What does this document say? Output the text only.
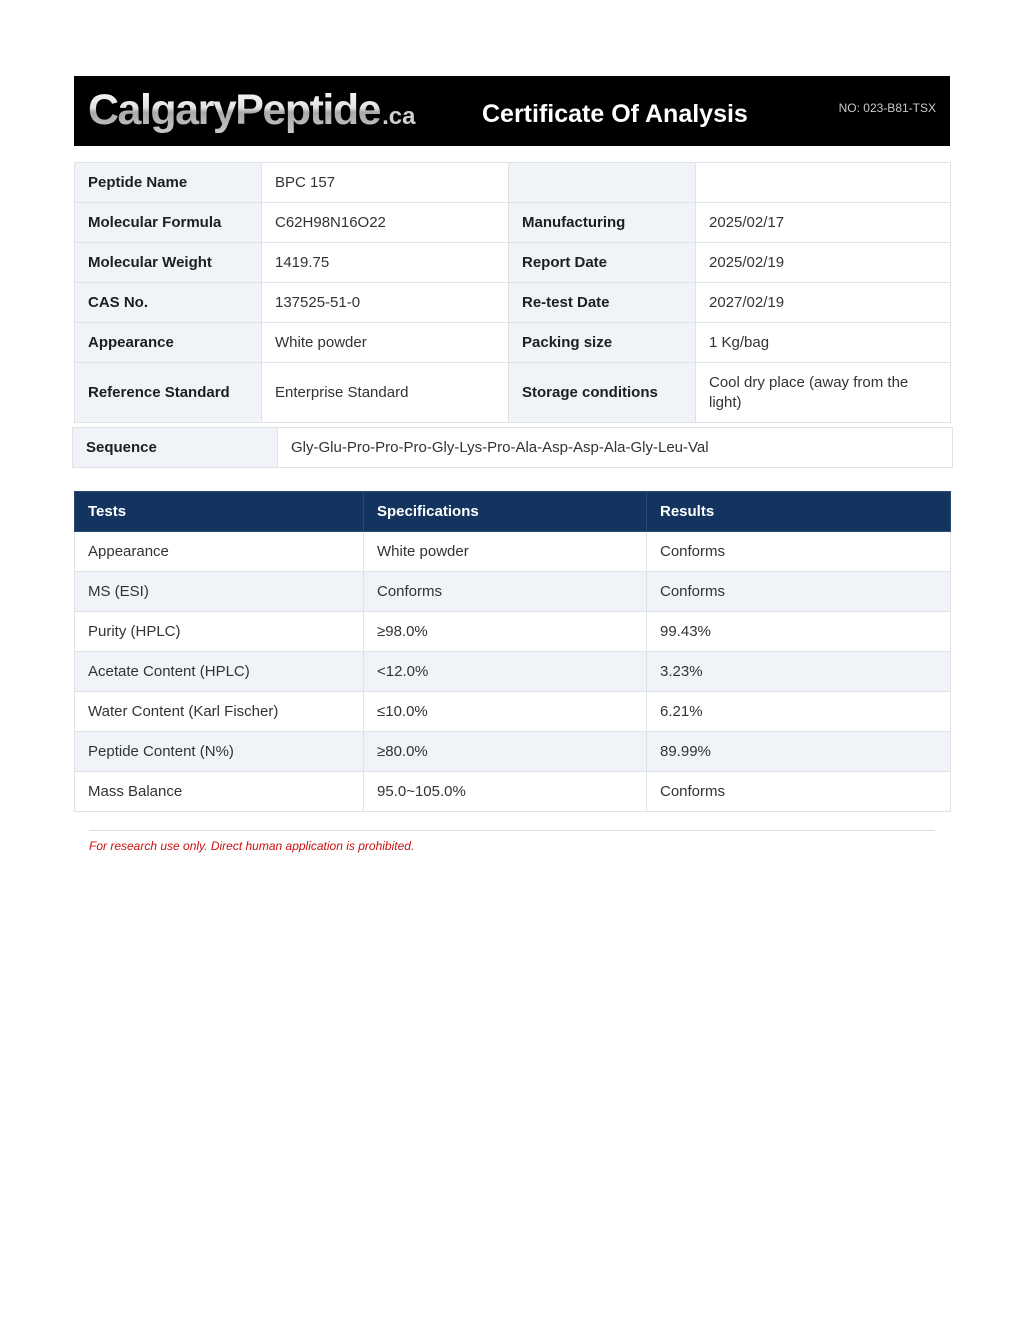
CalgaryPeptide.ca	Certificate Of Analysis	NO: 023-B81-TSX
Peptide Name	BPC 157		
Molecular Formula	C62H98N16O22	Manufacturing	2025/02/17
Molecular Weight	1419.75	Report Date	2025/02/19
CAS No.	137525-51-0	Re-test Date	2027/02/19
Appearance	White powder	Packing size	1 Kg/bag
Reference Standard	Enterprise Standard	Storage conditions	Cool dry place (away from the light)
Sequence	Gly-Glu-Pro-Pro-Pro-Gly-Lys-Pro-Ala-Asp-Asp-Ala-Gly-Leu-Val
Tests	Specifications	Results
Appearance	White powder	Conforms
MS (ESI)	Conforms	Conforms
Purity (HPLC)	≥98.0%	99.43%
Acetate Content (HPLC)	<12.0%	3.23%
Water Content (Karl Fischer)	≤10.0%	6.21%
Peptide Content (N%)	≥80.0%	89.99%
Mass Balance	95.0~105.0%	Conforms
For research use only. Direct human application is prohibited.
